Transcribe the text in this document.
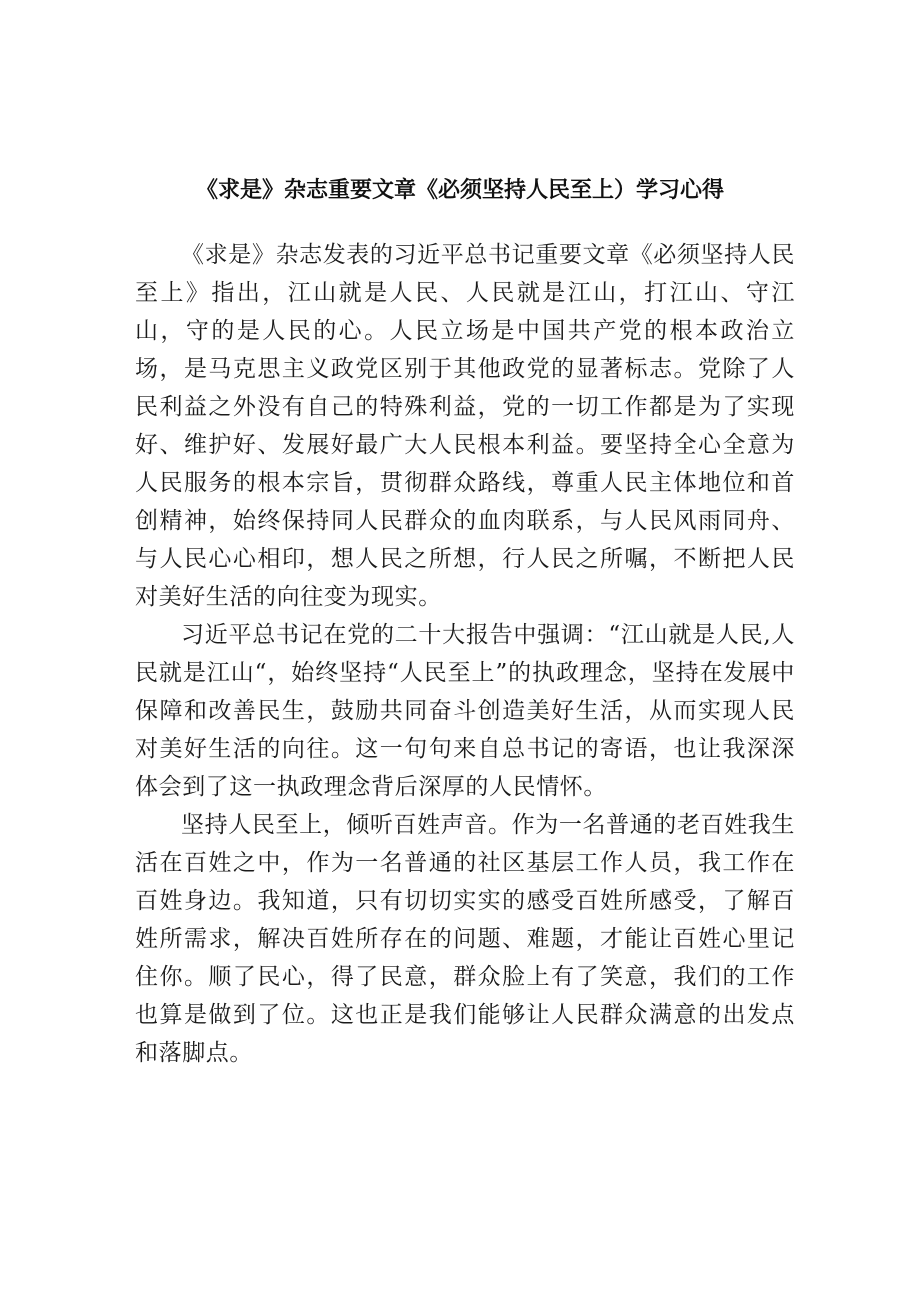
《求是》杂志重要文章《必须坚持人民至上）学习心得

《求是》杂志发表的习近平总书记重要文章《必须坚持人民至上》指出，江山就是人民、人民就是江山，打江山、守江山，守的是人民的心。人民立场是中国共产党的根本政治立场，是马克思主义政党区别于其他政党的显著标志。党除了人民利益之外没有自己的特殊利益，党的一切工作都是为了实现好、维护好、发展好最广大人民根本利益。要坚持全心全意为人民服务的根本宗旨，贯彻群众路线，尊重人民主体地位和首创精神，始终保持同人民群众的血肉联系，与人民风雨同舟、与人民心心相印，想人民之所想，行人民之所嘱，不断把人民对美好生活的向往变为现实。

习近平总书记在党的二十大报告中强调：“江山就是人民,人民就是江山“，始终坚持“人民至上”的执政理念，坚持在发展中保障和改善民生，鼓励共同奋斗创造美好生活，从而实现人民对美好生活的向往。这一句句来自总书记的寄语，也让我深深体会到了这一执政理念背后深厚的人民情怀。

坚持人民至上，倾听百姓声音。作为一名普通的老百姓我生活在百姓之中，作为一名普通的社区基层工作人员，我工作在百姓身边。我知道，只有切切实实的感受百姓所感受，了解百姓所需求，解决百姓所存在的问题、难题，才能让百姓心里记住你。顺了民心，得了民意，群众脸上有了笑意，我们的工作也算是做到了位。这也正是我们能够让人民群众满意的出发点和落脚点。
